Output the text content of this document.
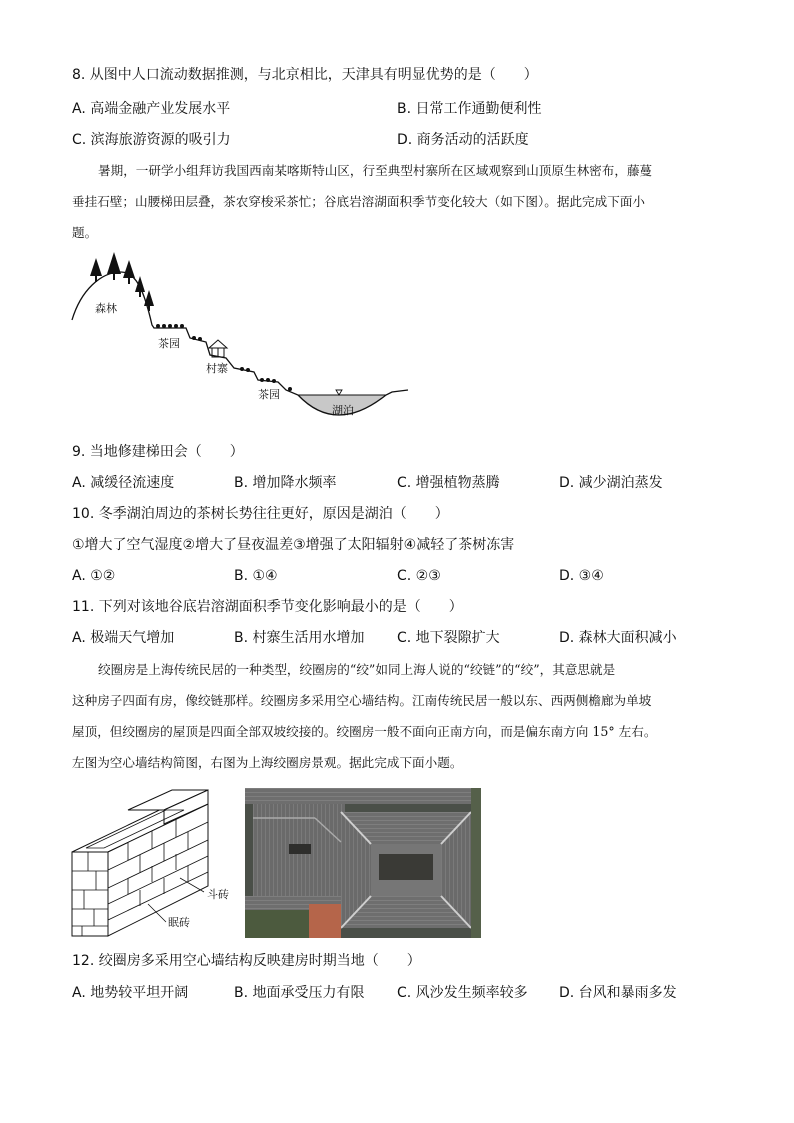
8. 从图中人口流动数据推测，与北京相比，天津具有明显优势的是（　　）
A. 高端金融产业发展水平	B. 日常工作通勤便利性
C. 滨海旅游资源的吸引力	D. 商务活动的活跃度
暑期，一研学小组拜访我国西南某喀斯特山区，行至典型村寨所在区域观察到山顶原生林密布，藤蔓
垂挂石壁；山腰梯田层叠，茶农穿梭采茶忙；谷底岩溶湖面积季节变化较大（如下图）。据此完成下面小
题。
森林
茶园
村寨
茶园
湖泊
9. 当地修建梯田会（　　）
A. 减缓径流速度	B. 增加降水频率	C. 增强植物蒸腾	D. 减少湖泊蒸发
10. 冬季湖泊周边的茶树长势往往更好，原因是湖泊（　　）
①增大了空气湿度②增大了昼夜温差③增强了太阳辐射④减轻了茶树冻害
A. ①②	B. ①④	C. ②③	D. ③④
11. 下列对该地谷底岩溶湖面积季节变化影响最小的是（　　）
A. 极端天气增加	B. 村寨生活用水增加 C. 地下裂隙扩大	D. 森林大面积减小
绞圈房是上海传统民居的一种类型，绞圈房的“绞”如同上海人说的“绞链”的“绞”，其意思就是
这种房子四面有房，像绞链那样。绞圈房多采用空心墙结构。江南传统民居一般以东、西两侧檐廊为单坡
屋顶，但绞圈房的屋顶是四面全部双坡绞接的。绞圈房一般不面向正南方向，而是偏东南方向 15° 左右。
左图为空心墙结构简图，右图为上海绞圈房景观。据此完成下面小题。
斗砖
眠砖
12. 绞圈房多采用空心墙结构反映建房时期当地（　　）
A. 地势较平坦开阔	B. 地面承受压力有限 C. 风沙发生频率较多 D. 台风和暴雨多发
